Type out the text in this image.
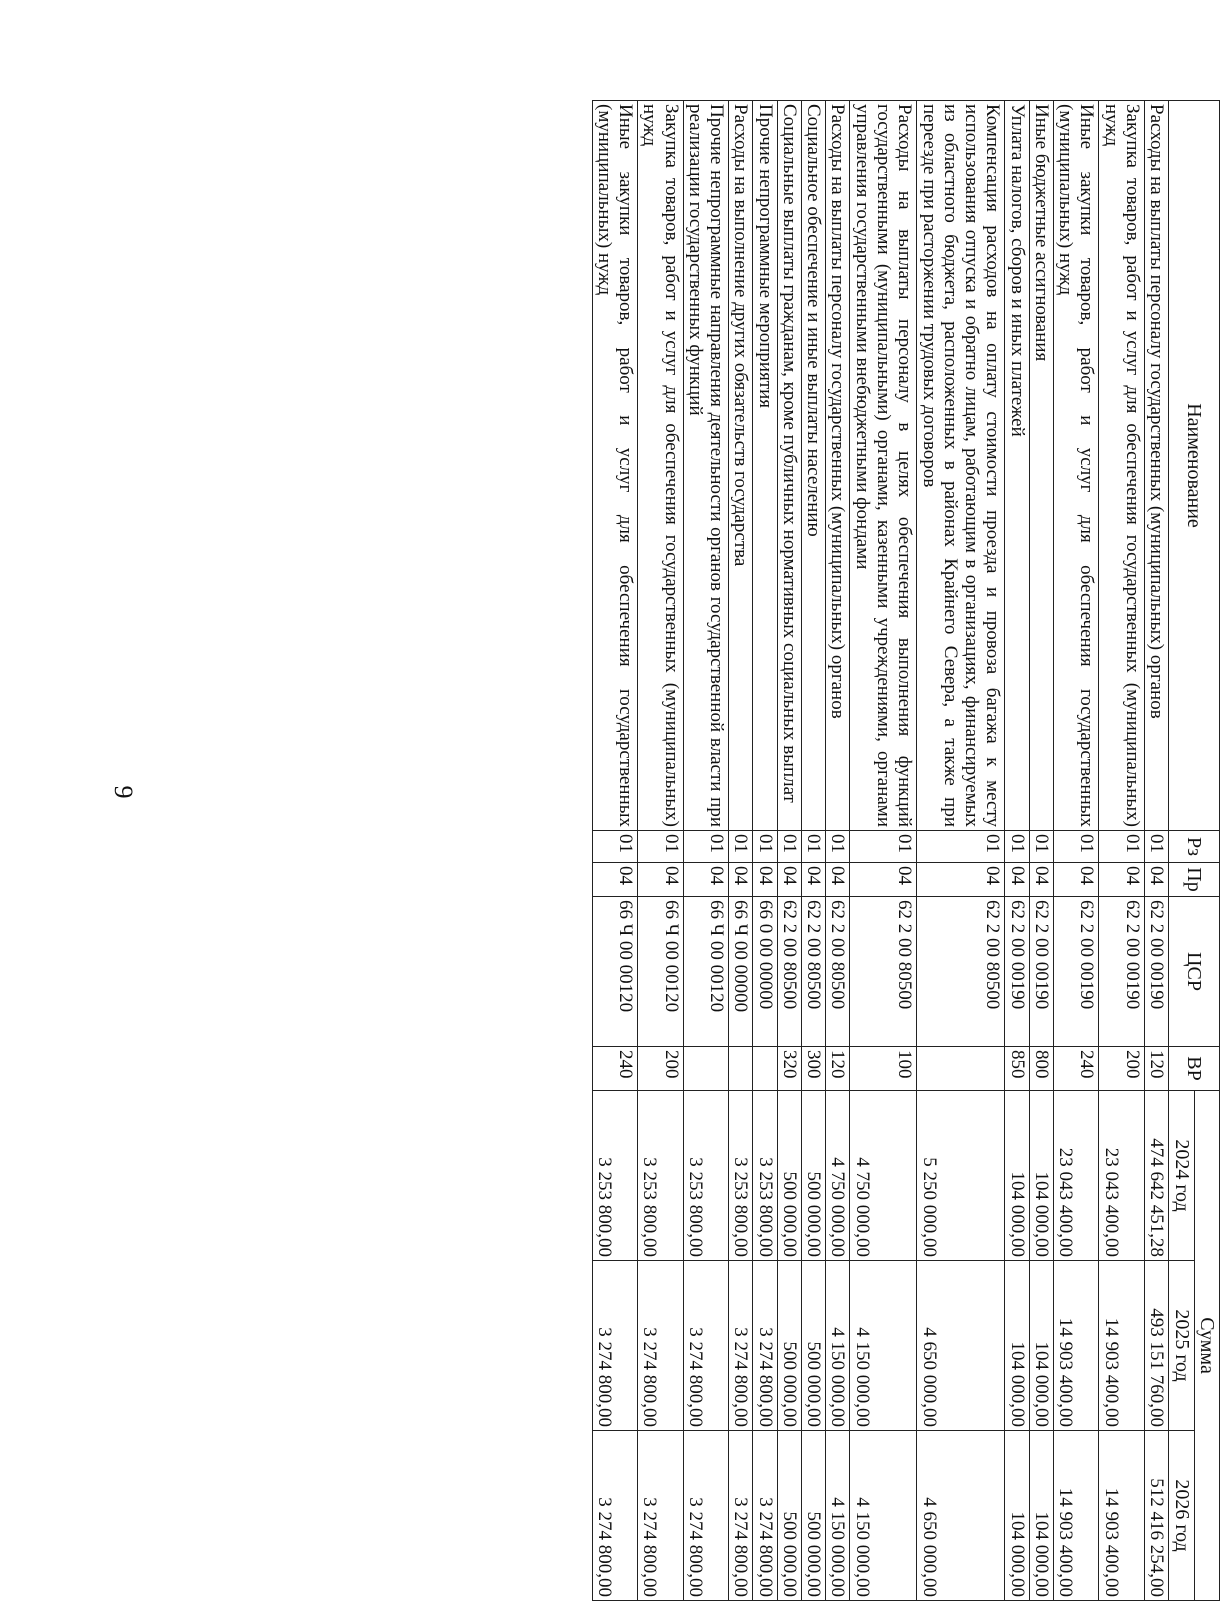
9
Наименование	Рз	Пр	ЦСР	ВР	Сумма		
					2024 год	2025 год	2026 год
Расходы на выплаты персоналу государственных (муниципальных) органов	01	04	62 2 00 00190	120	474 642 451,28	493 151 760,00	512 416 254,00
Закупка товаров, работ и услуг для обеспечения государственных (муниципальных) нужд	01	04	62 2 00 00190	200	23 043 400,00	14 903 400,00	14 903 400,00
Иные закупки товаров, работ и услуг для обеспечения государственных (муниципальных) нужд	01	04	62 2 00 00190	240	23 043 400,00	14 903 400,00	14 903 400,00
Иные бюджетные ассигнования	01	04	62 2 00 00190	800	104 000,00	104 000,00	104 000,00
Уплата налогов, сборов и иных платежей	01	04	62 2 00 00190	850	104 000,00	104 000,00	104 000,00
Компенсация расходов на оплату стоимости проезда и провоза багажа к месту использования отпуска и обратно лицам, работающим в организациях, финансируемых из областного бюджета, расположенных в районах Крайнего Севера, а также при переезде при расторжении трудовых договоров	01	04	62 2 00 80500		5 250 000,00	4 650 000,00	4 650 000,00
Расходы на выплаты персоналу в целях обеспечения выполнения функций государственными (муниципальными) органами, казенными учреждениями, органами управления государственными внебюджетными фондами	01	04	62 2 00 80500	100	4 750 000,00	4 150 000,00	4 150 000,00
Расходы на выплаты персоналу государственных (муниципальных) органов	01	04	62 2 00 80500	120	4 750 000,00	4 150 000,00	4 150 000,00
Социальное обеспечение и иные выплаты населению	01	04	62 2 00 80500	300	500 000,00	500 000,00	500 000,00
Социальные выплаты гражданам, кроме публичных нормативных социальных выплат	01	04	62 2 00 80500	320	500 000,00	500 000,00	500 000,00
Прочие непрограммные мероприятия	01	04	66 0 00 00000		3 253 800,00	3 274 800,00	3 274 800,00
Расходы на выполнение других обязательств государства	01	04	66 Ч 00 00000		3 253 800,00	3 274 800,00	3 274 800,00
Прочие непрограммные направления деятельности органов государственной власти при реализации государственных функций	01	04	66 Ч 00 00120		3 253 800,00	3 274 800,00	3 274 800,00
Закупка товаров, работ и услуг для обеспечения государственных (муниципальных) нужд	01	04	66 Ч 00 00120	200	3 253 800,00	3 274 800,00	3 274 800,00
Иные закупки товаров, работ и услуг для обеспечения государственных (муниципальных) нужд	01	04	66 Ч 00 00120	240	3 253 800,00	3 274 800,00	3 274 800,00
